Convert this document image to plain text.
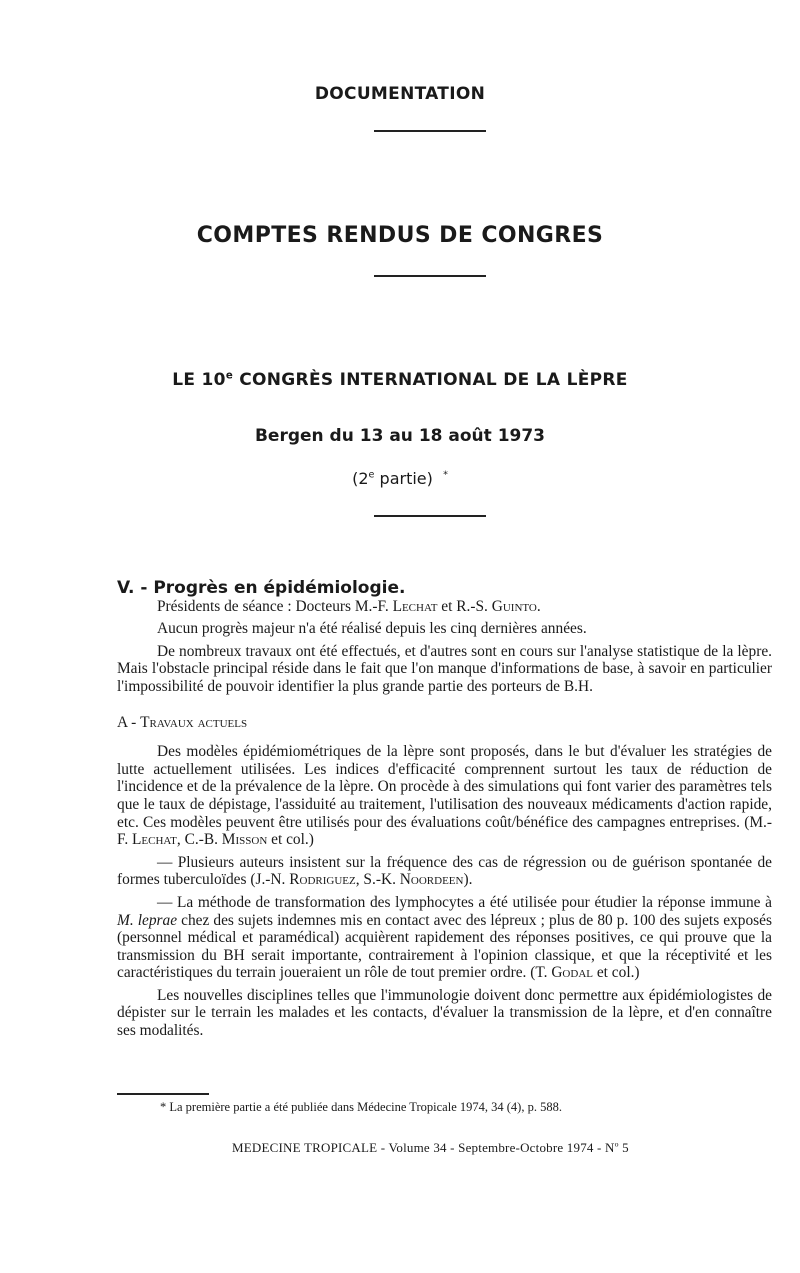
DOCUMENTATION
COMPTES RENDUS DE CONGRES
LE 10e CONGRÈS INTERNATIONAL DE LA LÈPRE
Bergen du 13 au 18 août 1973
(2e partie) *

V. - Progrès en épidémiologie.

Présidents de séance : Docteurs M.-F. Lechat et R.-S. Guinto.

Aucun progrès majeur n'a été réalisé depuis les cinq dernières années.

De nombreux travaux ont été effectués, et d'autres sont en cours sur l'analyse statistique de la lèpre. Mais l'obstacle principal réside dans le fait que l'on manque d'informations de base, à savoir en particulier l'impossibilité de pouvoir identifier la plus grande partie des porteurs de B.H.

A - Travaux actuels

Des modèles épidémiométriques de la lèpre sont proposés, dans le but d'évaluer les stratégies de lutte actuellement utilisées. Les indices d'efficacité comprennent surtout les taux de réduction de l'incidence et de la prévalence de la lèpre. On procède à des simulations qui font varier des paramètres tels que le taux de dépistage, l'assiduité au traitement, l'utilisation des nouveaux médicaments d'action rapide, etc. Ces modèles peuvent être utilisés pour des évaluations coût/bénéfice des campagnes entreprises. (M.-F. Lechat, C.-B. Misson et col.)

— Plusieurs auteurs insistent sur la fréquence des cas de régression ou de guérison spontanée de formes tuberculoïdes (J.-N. Rodriguez, S.-K. Noordeen).

— La méthode de transformation des lymphocytes a été utilisée pour étudier la réponse immune à M. leprae chez des sujets indemnes mis en contact avec des lépreux ; plus de 80 p. 100 des sujets exposés (personnel médical et paramédical) acquièrent rapidement des réponses positives, ce qui prouve que la transmission du BH serait importante, contrairement à l'opinion classique, et que la réceptivité et les caractéristiques du terrain joueraient un rôle de tout premier ordre. (T. Godal et col.)

Les nouvelles disciplines telles que l'immunologie doivent donc permettre aux épidémiologistes de dépister sur le terrain les malades et les contacts, d'évaluer la transmission de la lèpre, et d'en connaître ses modalités.

* La première partie a été publiée dans Médecine Tropicale 1974, 34 (4), p. 588.
MEDECINE TROPICALE - Volume 34 - Septembre-Octobre $1974 - N^o$ 5
